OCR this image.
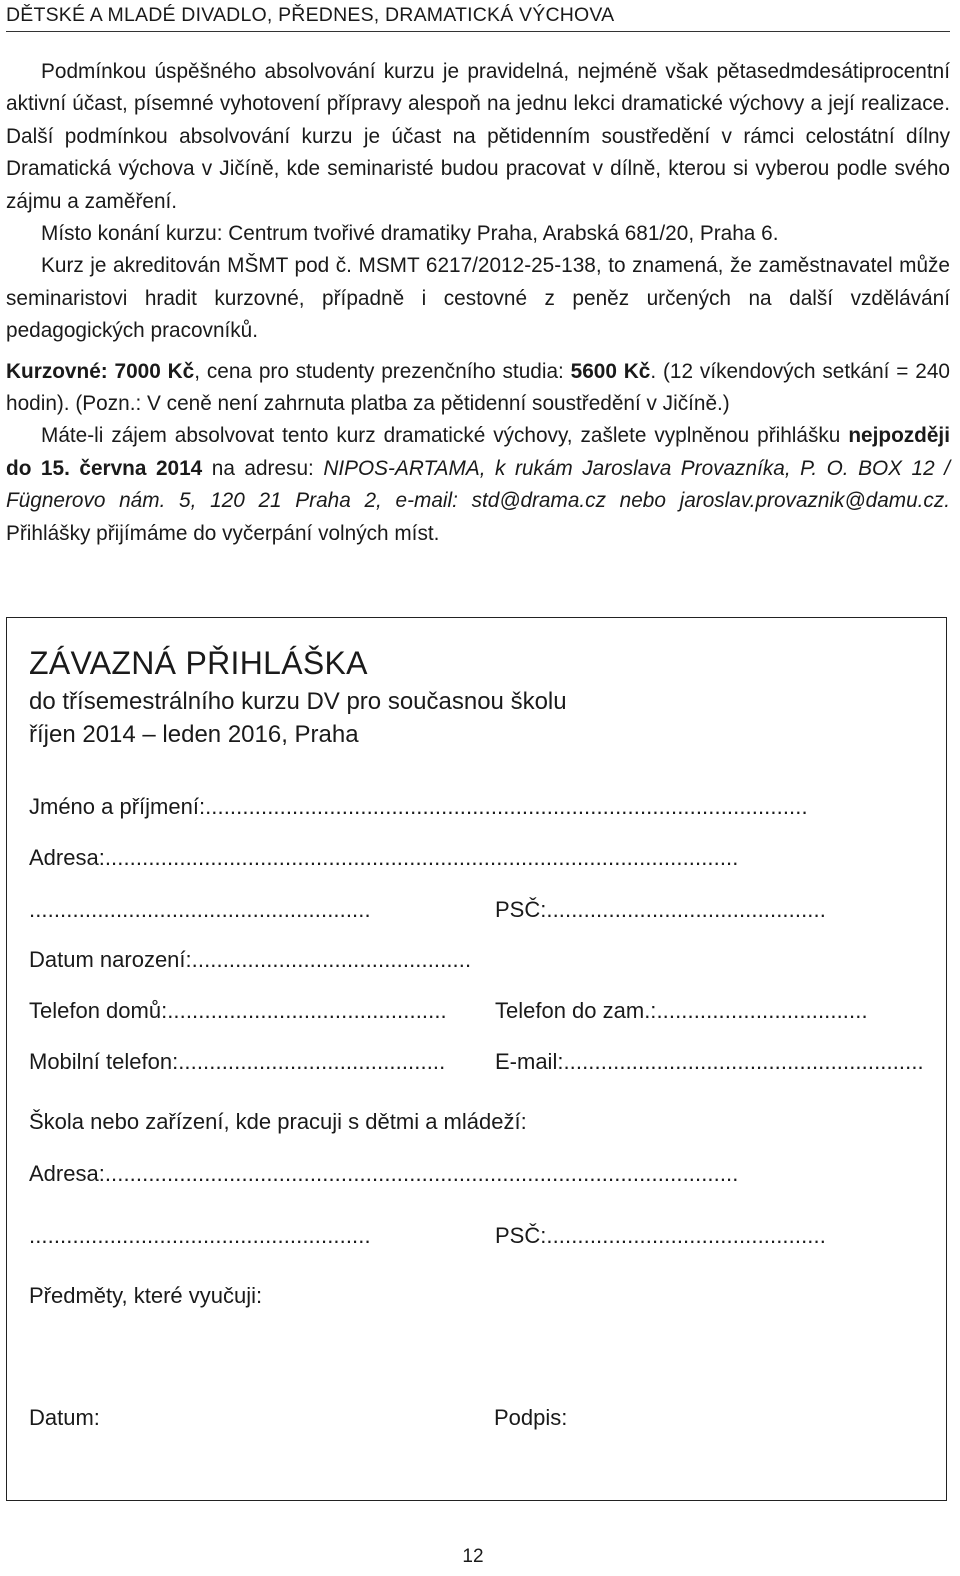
DĚTSKÉ A MLADÉ DIVADLO, PŘEDNES, DRAMATICKÁ VÝCHOVA

Podmínkou úspěšného absolvování kurzu je pravidelná, nejméně však pětasedmdesátiprocentní aktivní účast, písemné vyhotovení přípravy alespoň na jednu lekci dramatické výchovy a její realizace. Další podmínkou absolvování kurzu je účast na pětidenním soustředění v rámci celostátní dílny Dramatická výchova v Jičíně, kde seminaristé budou pracovat v dílně, kterou si vyberou podle svého zájmu a zaměření.

Místo konání kurzu: Centrum tvořivé dramatiky Praha, Arabská 681/20, Praha 6.

Kurz je akreditován MŠMT pod č. MSMT 6217/2012-25-138, to znamená, že zaměstnavatel může seminaristovi hradit kurzovné, případně i cestovné z peněz určených na další vzdělávání pedagogických pracovníků.

Kurzovné: 7000 Kč, cena pro studenty prezenčního studia: 5600 Kč. (12 víkendových setkání = 240 hodin). (Pozn.: V ceně není zahrnuta platba za pětidenní soustředění v Jičíně.)

Máte-li zájem absolvovat tento kurz dramatické výchovy, zašlete vyplněnou přihlášku nejpozději do 15. června 2014 na adresu: NIPOS-ARTAMA, k rukám Jaroslava Provazníka, P. O. BOX 12 / Fügnerovo nám. 5, 120 21 Praha 2, e-mail: std@drama.cz nebo jaroslav.provaznik@damu.cz. Přihlášky přijímáme do vyčerpání volných míst.

ZÁVAZNÁ PŘIHLÁŠKA
do třísemestrálního kurzu DV pro současnou školu
říjen 2014 – leden 2016, Praha
Jméno a příjmení:.................................................................................................
Adresa:......................................................................................................
.......................................................	PSČ:.............................................
Datum narození:.............................................
Telefon domů:.............................................	Telefon do zam.:..................................
Mobilní telefon:...........................................	E-mail:..........................................................
Škola nebo zařízení, kde pracuji s dětmi a mládeží:
Adresa:......................................................................................................
.......................................................	PSČ:.............................................
Předměty, které vyučuji:
Datum:	Podpis:
12
